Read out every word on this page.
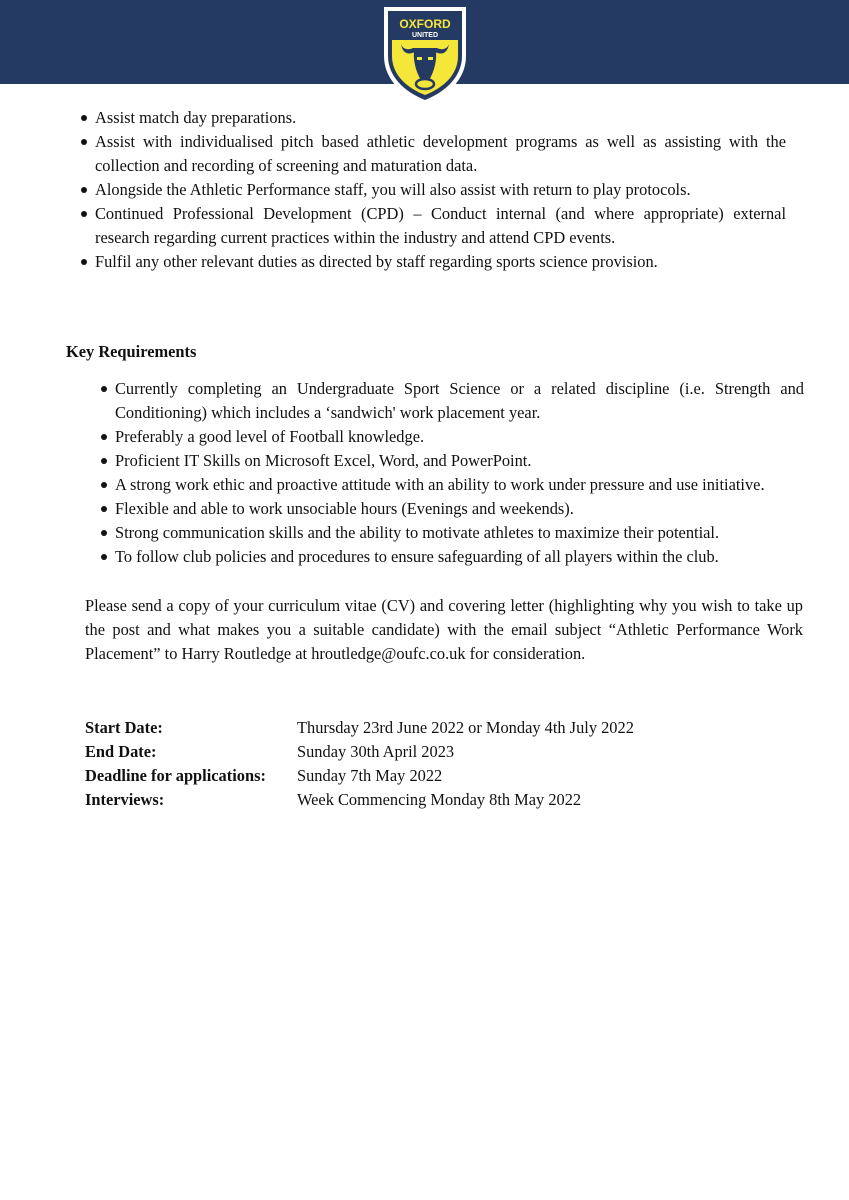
OXFORD
UNITED
Assist match day preparations.
Assist with individualised pitch based athletic development programs as well as assisting with the collection and recording of screening and maturation data.
Alongside the Athletic Performance staff, you will also assist with return to play protocols.
Continued Professional Development (CPD) – Conduct internal (and where appropriate) external research regarding current practices within the industry and attend CPD events.
Fulfil any other relevant duties as directed by staff regarding sports science provision.
Key Requirements
Currently completing an Undergraduate Sport Science or a related discipline (i.e. Strength and Conditioning) which includes a ‘sandwich' work placement year.
Preferably a good level of Football knowledge.
Proficient IT Skills on Microsoft Excel, Word, and PowerPoint.
A strong work ethic and proactive attitude with an ability to work under pressure and use initiative.
Flexible and able to work unsociable hours (Evenings and weekends).
Strong communication skills and the ability to motivate athletes to maximize their potential.
To follow club policies and procedures to ensure safeguarding of all players within the club.

Please send a copy of your curriculum vitae (CV) and covering letter (highlighting why you wish to take up the post and what makes you a suitable candidate) with the email subject “Athletic Performance Work Placement” to Harry Routledge at hroutledge@oufc.co.uk for consideration.

Start Date:	Thursday 23rd June 2022 or Monday 4th July 2022
End Date:	Sunday 30th April 2023
Deadline for applications:	Sunday 7th May 2022
Interviews:	Week Commencing Monday 8th May 2022
